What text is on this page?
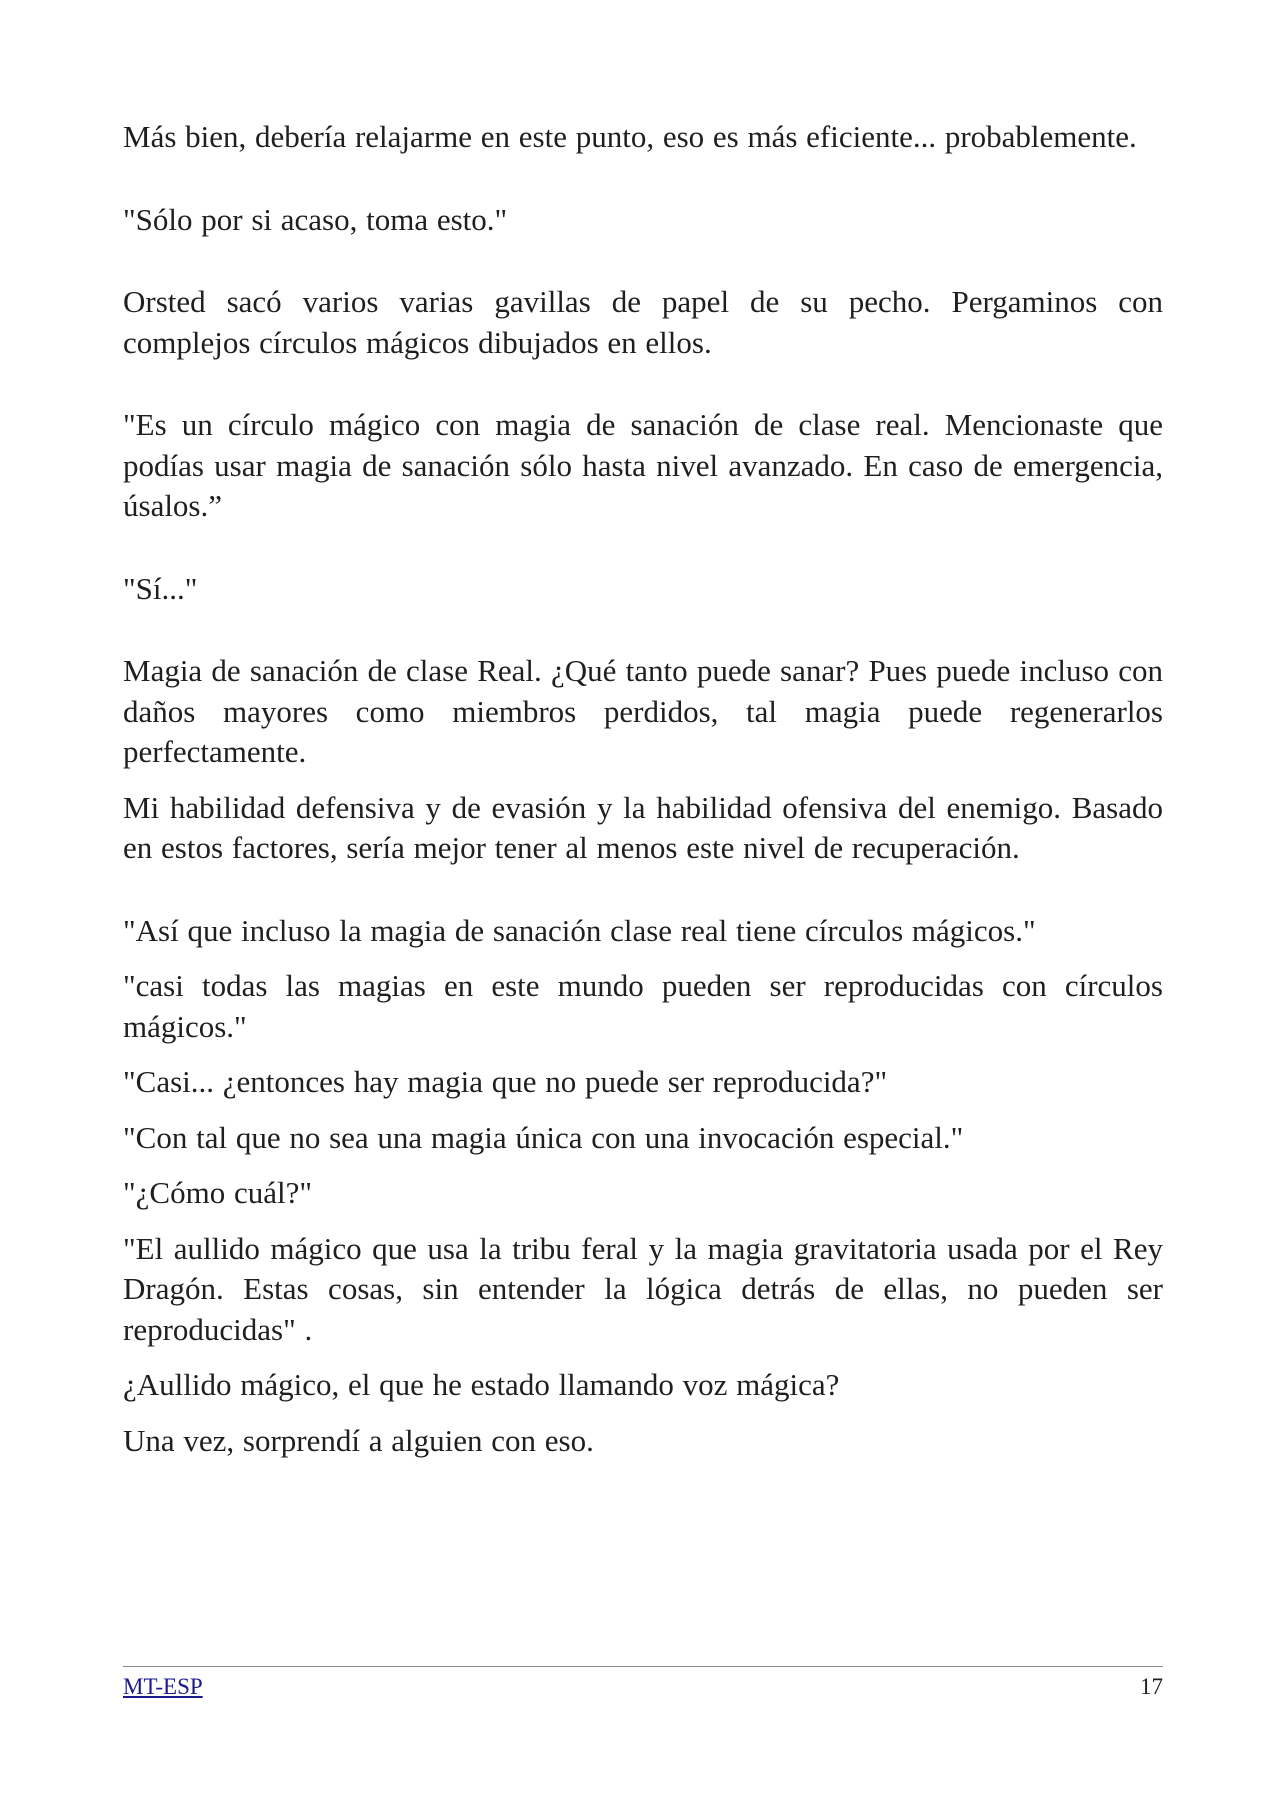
Más bien, debería relajarme en este punto, eso es más eficiente... probablemente.

"Sólo por si acaso, toma esto."

Orsted sacó varios varias gavillas de papel de su pecho. Pergaminos con complejos círculos mágicos dibujados en ellos.

"Es un círculo mágico con magia de sanación de clase real. Mencionaste que podías usar magia de sanación sólo hasta nivel avanzado. En caso de emergencia, úsalos.”

"Sí..."

Magia de sanación de clase Real. ¿Qué tanto puede sanar? Pues puede incluso con daños mayores como miembros perdidos, tal magia puede regenerarlos perfectamente.

Mi habilidad defensiva y de evasión y la habilidad ofensiva del enemigo. Basado en estos factores, sería mejor tener al menos este nivel de recuperación.

"Así que incluso la magia de sanación clase real tiene círculos mágicos."

"casi todas las magias en este mundo pueden ser reproducidas con círculos mágicos."

"Casi... ¿entonces hay magia que no puede ser reproducida?"

"Con tal que no sea una magia única con una invocación especial."

"¿Cómo cuál?"

"El aullido mágico que usa la tribu feral y la magia gravitatoria usada por el Rey Dragón. Estas cosas, sin entender la lógica detrás de ellas, no pueden ser reproducidas" .

¿Aullido mágico, el que he estado llamando voz mágica?

Una vez, sorprendí a alguien con eso.

MT-ESP	17
